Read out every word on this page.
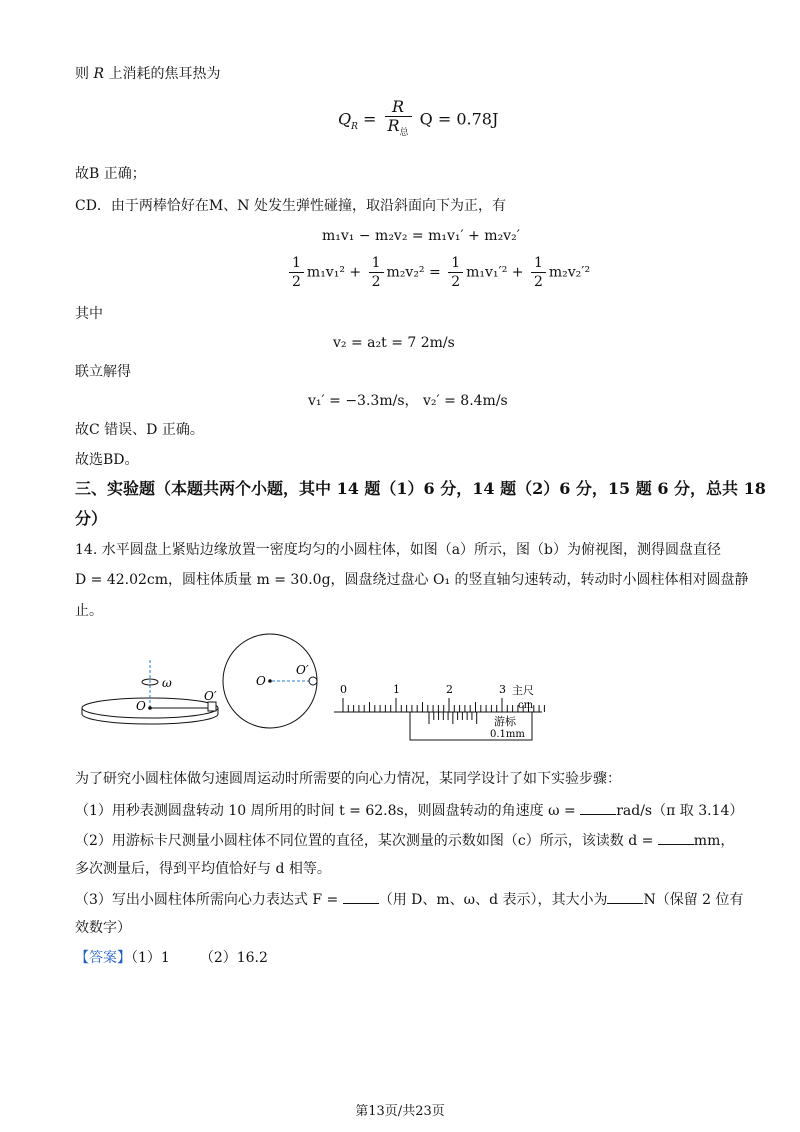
则 R 上消耗的焦耳热为
$Q_R = \frac{R}{R_总}$ Q = 0.78J
故B 正确；
CD．由于两棒恰好在M、N 处发生弹性碰撞，取沿斜面向下为正，有
m₁v₁ − m₂v₂ = m₁v₁′ + m₂v₂′
$\frac{1}{2} m_1v_1^2 + \frac{1}{2} m_2v_2^2 = \frac{1}{2} m_1v_1'^2 + \frac{1}{2} m_2v_2'^2$
其中
v₂ = a₂t = 7 2m/s
联立解得
v₁′ = −3.3m/s， v₂′ = 8.4m/s
故C 错误、D 正确。
故选BD。
三、实验题（本题共两个小题，其中 14 题（1）6 分，14 题（2）6 分，15 题 6 分，总共 18
分）
14. 水平圆盘上紧贴边缘放置一密度均匀的小圆柱体，如图（a）所示，图（b）为俯视图，测得圆盘直径
D = 42.02cm，圆柱体质量 m = 30.0g，圆盘绕过盘心 O₁ 的竖直轴匀速转动，转动时小圆柱体相对圆盘静
止。
ω
O
O′
O
O′
0	1	2	3 主尺
cm
游标
0.1mm
为了研究小圆柱体做匀速圆周运动时所需要的向心力情况，某同学设计了如下实验步骤：
（1）用秒表测圆盘转动 10 周所用的时间 t = 62.8s，则圆盘转动的角速度 ω =	rad/s（π 取 3.14）
（2）用游标卡尺测量小圆柱体不同位置的直径，某次测量的示数如图（c）所示，该读数 d =	mm，
多次测量后，得到平均值恰好与 d 相等。
（3）写出小圆柱体所需向心力表达式 F =	（用 D、m、ω、d 表示），其大小为	N（保留 2 位有
效数字）
【答案】（1）1 （2）16.2
第13页/共23页
